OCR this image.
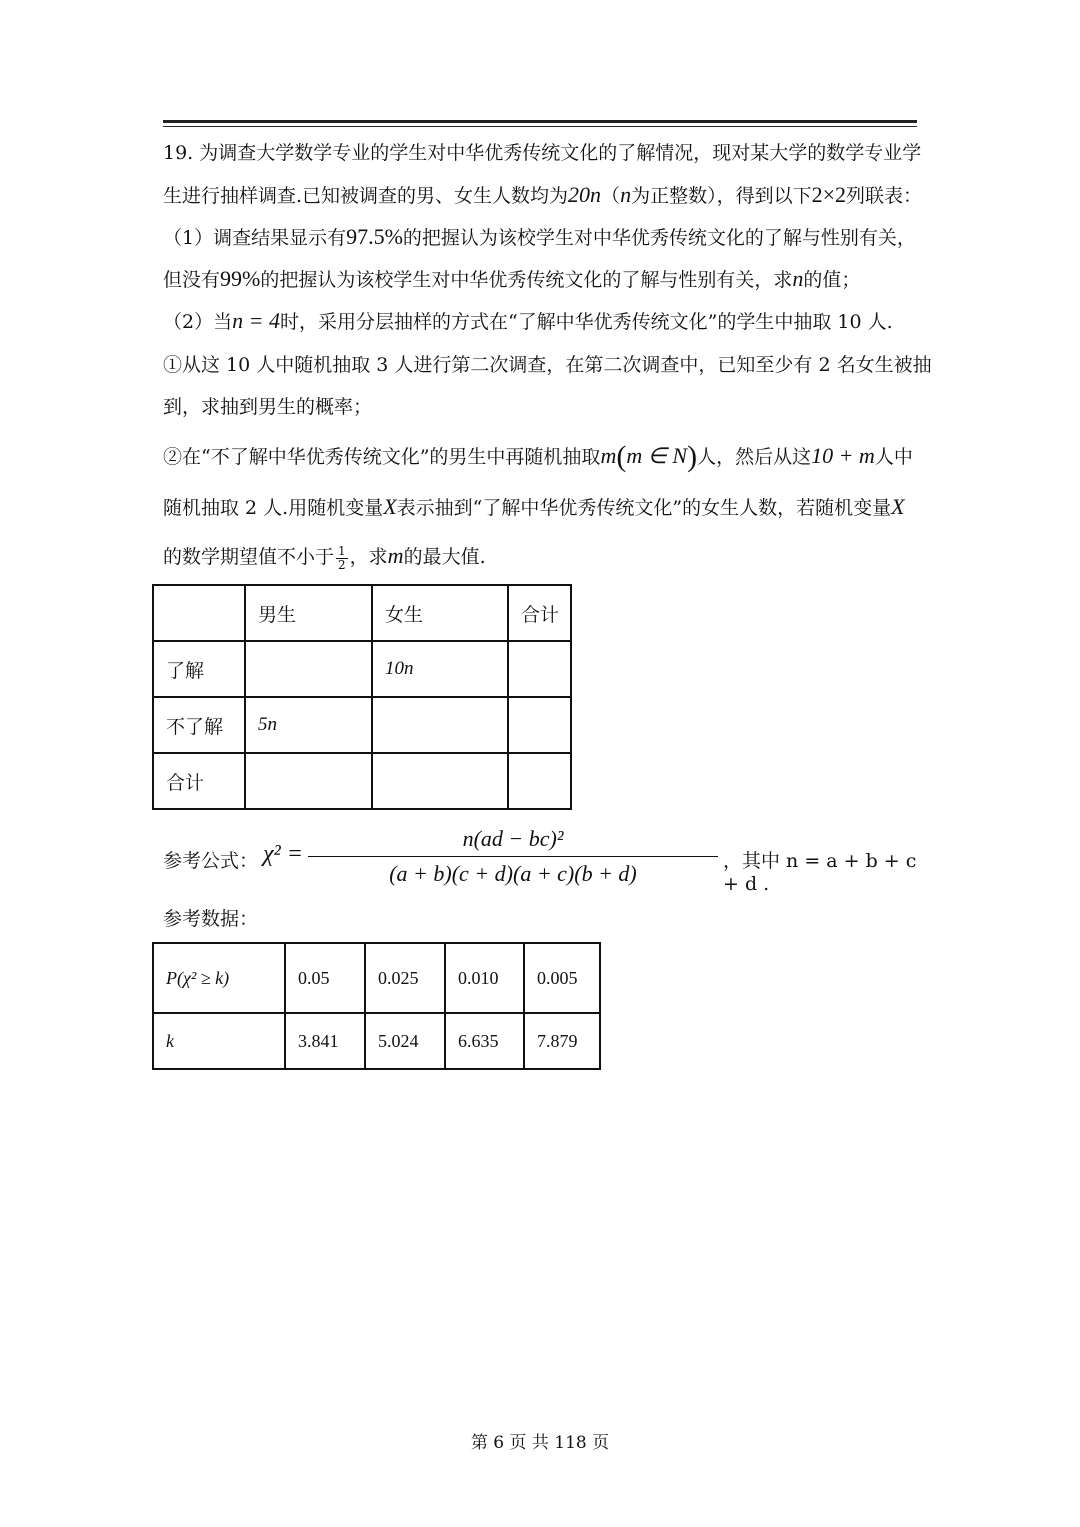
19. 为调查大学数学专业的学生对中华优秀传统文化的了解情况，现对某大学的数学专业学
生进行抽样调查.已知被调查的男、女生人数均为20n（n为正整数），得到以下2×2列联表：
（1）调查结果显示有97.5%的把握认为该校学生对中华优秀传统文化的了解与性别有关，
但没有99%的把握认为该校学生对中华优秀传统文化的了解与性别有关，求n的值；
（2）当n = 4时，采用分层抽样的方式在“了解中华优秀传统文化”的学生中抽取 10 人.
①从这 10 人中随机抽取 3 人进行第二次调查，在第二次调查中，已知至少有 2 名女生被抽
到，求抽到男生的概率；
②在“不了解中华优秀传统文化”的男生中再随机抽取m(m ∈ N)人，然后从这10 + m人中
随机抽取 2 人.用随机变量X表示抽到“了解中华优秀传统文化”的女生人数，若随机变量X
的数学期望值不小于 $\frac{1}{2}$ ，求m的最大值.
	男生	女生	合计
了解		10n	
不了解	5n		
合计			
参考公式： $\chi^2 = \frac{\text{n(ad − bc)²}}{(a + b)(c + d)(a + c)(b + d)}$ ，其中 n = a + b + c + d .
参考数据：
P(χ² ≥ k)	0.05	0.025	0.010	0.005
k	3.841	5.024	6.635	7.879
第 6 页 共 118 页
